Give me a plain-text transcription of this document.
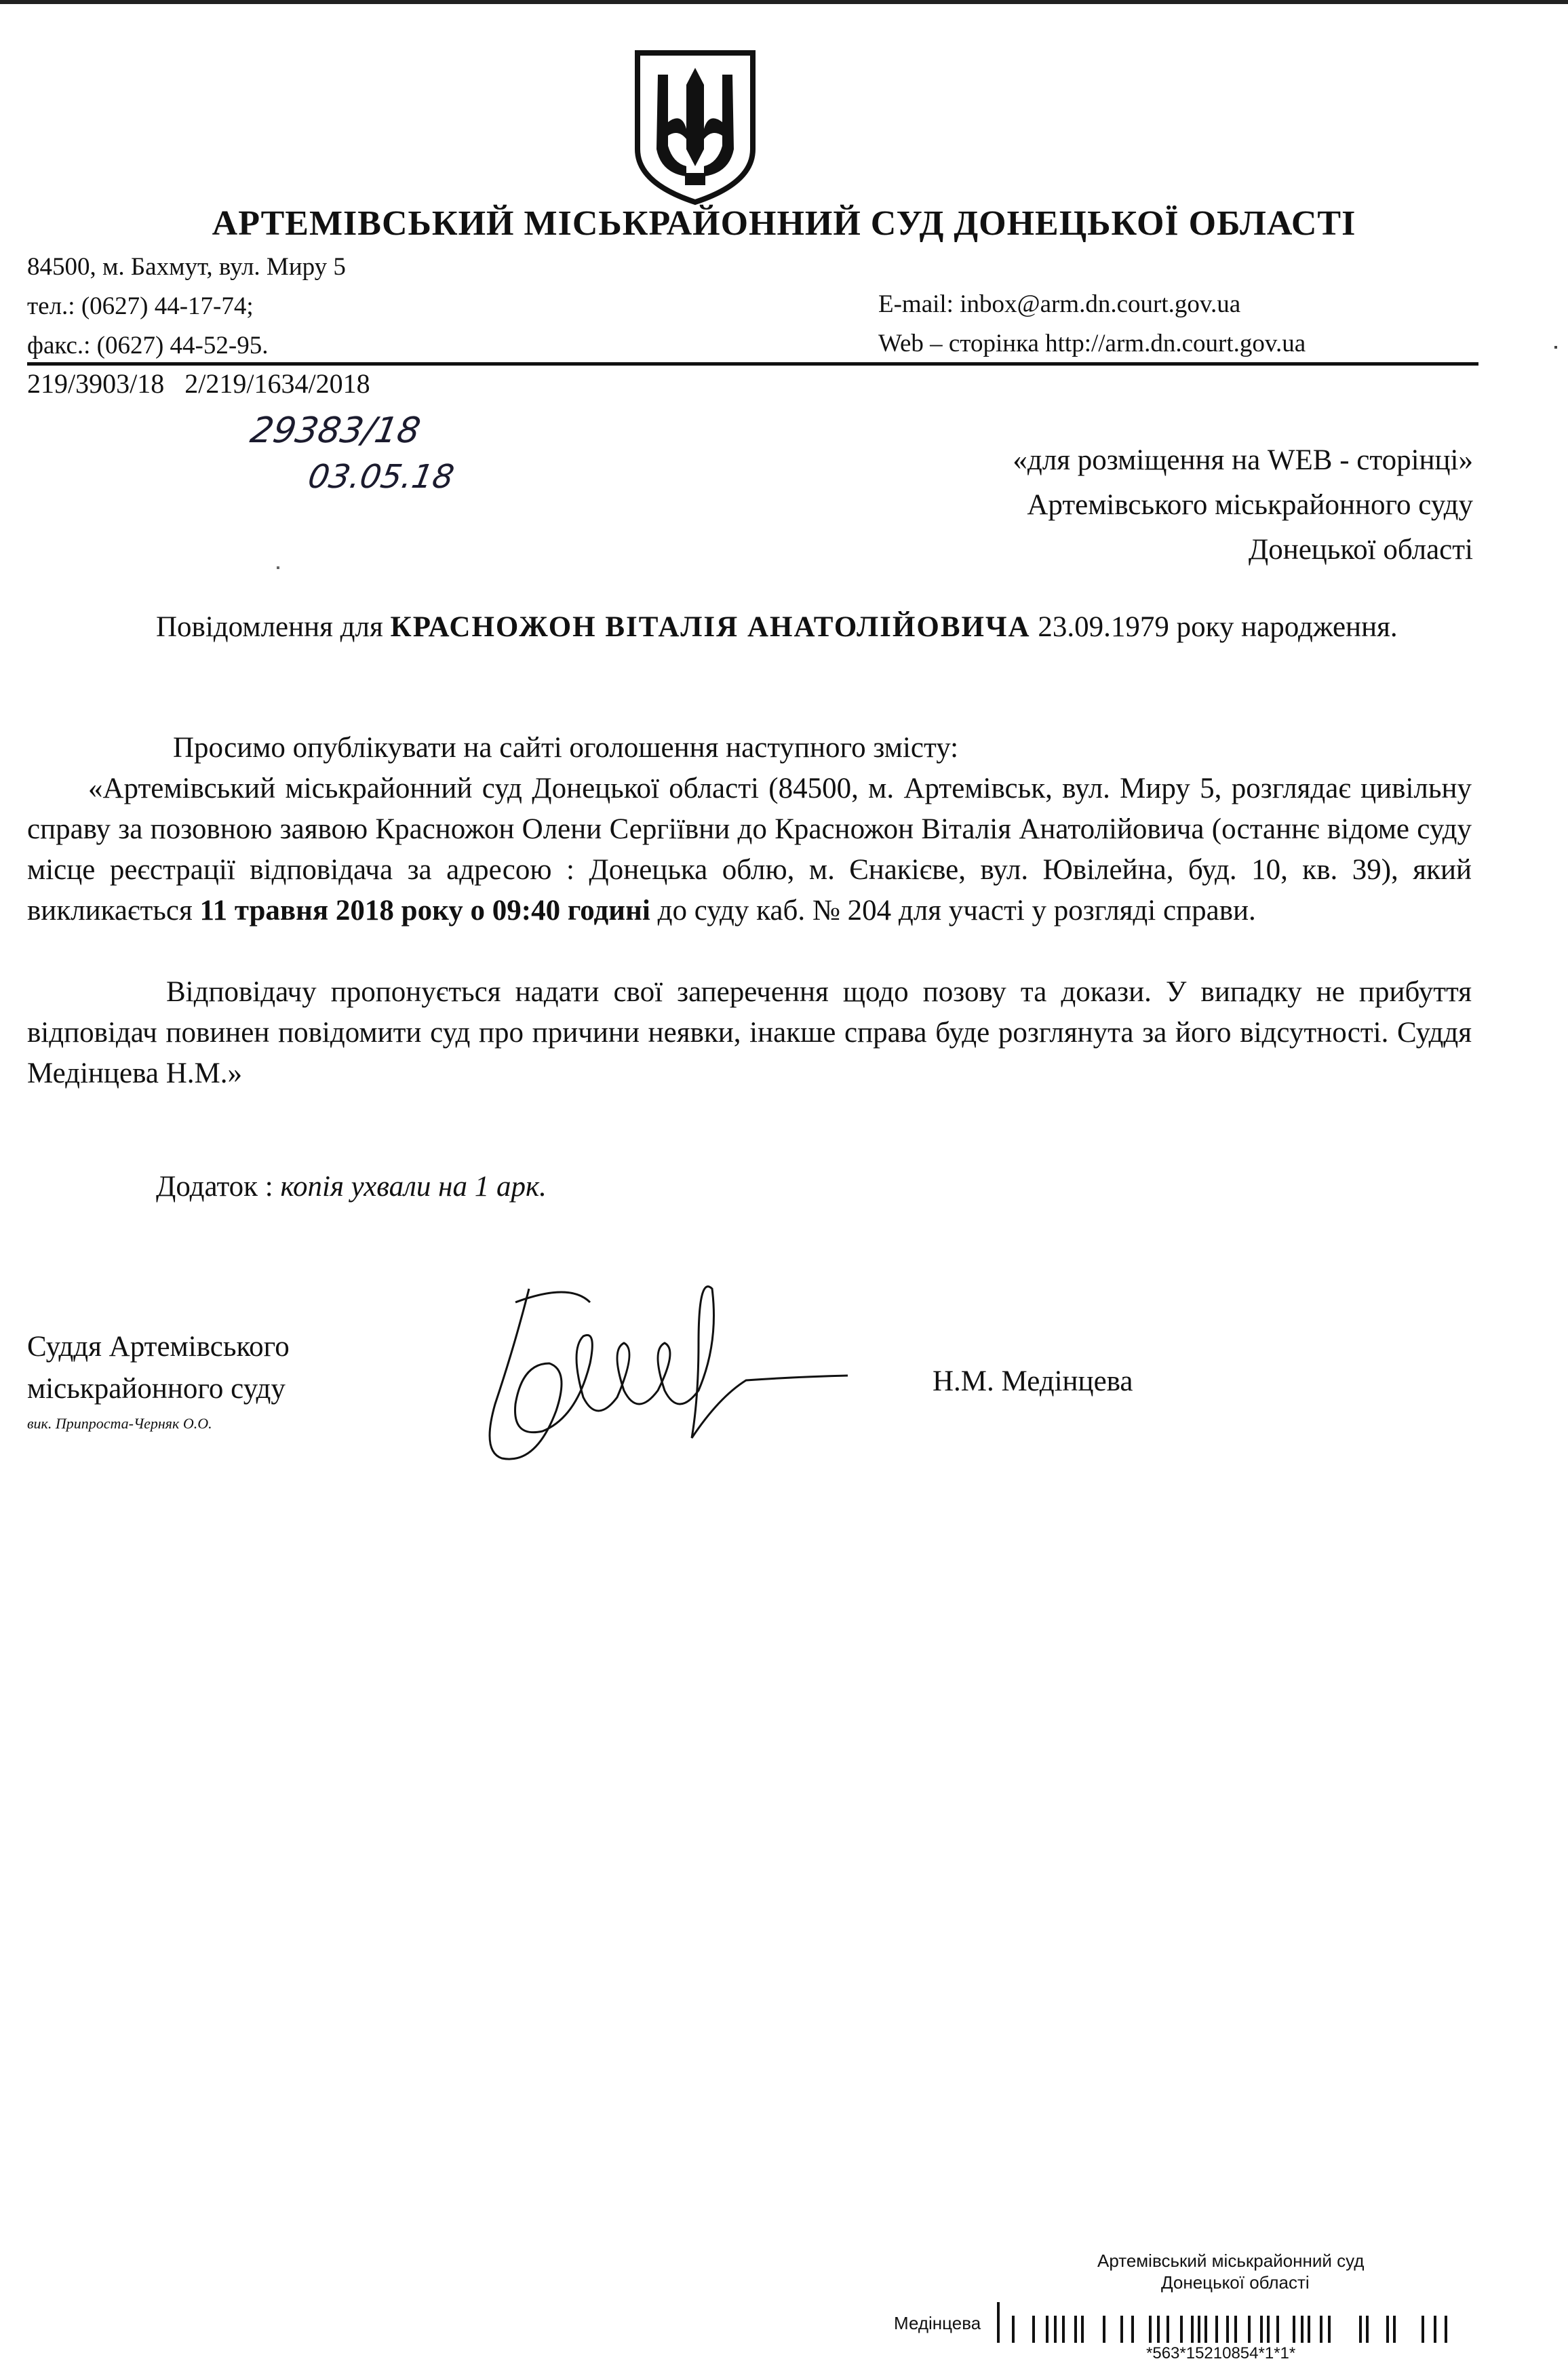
АРТЕМІВСЬКИЙ МІСЬКРАЙОННИЙ СУД ДОНЕЦЬКОЇ ОБЛАСТІ
84500, м. Бахмут, вул. Миру 5
тел.: (0627) 44-17-74;
факс.: (0627) 44-52-95.
E-mail: inbox@arm.dn.court.gov.ua
Web – сторінка http://arm.dn.court.gov.ua
219/3903/18   2/219/1634/2018
29383/18
03.05.18	«для розміщення на WEB - сторінці»
Артемівського міськрайонного суду
Донецької області
Повідомлення для КРАСНОЖОН ВІТАЛІЯ АНАТОЛІЙОВИЧА 23.09.1979 року народження.
Просимо опублікувати на сайті оголошення наступного змісту:
«Артемівський міськрайонний суд Донецької області (84500, м. Артемівськ, вул. Миру 5, розглядає цивільну справу за позовною заявою Красножон Олени Сергіївни до Красножон Віталія Анатолійовича (останнє відоме суду місце реєстрації відповідача за адресою : Донецька облю, м. Єнакієве, вул. Ювілейна, буд. 10, кв. 39), який викликається 11 травня 2018 року о 09:40 годині до суду каб. № 204 для участі у розгляді справи.
Відповідачу пропонується надати свої заперечення щодо позову та докази. У випадку не прибуття відповідач повинен повідомити суд про причини неявки, інакше справа буде розглянута за його відсутності. Суддя Медінцева Н.М.»
Додаток : копія ухвали на 1 арк.
Суддя Артемівського
міськрайонного суду
вик. Припроста-Черняк О.О.
Н.М. Медінцева
Артемівський міськрайонний суд
Донецької області
Медінцева
*563*15210854*1*1*
